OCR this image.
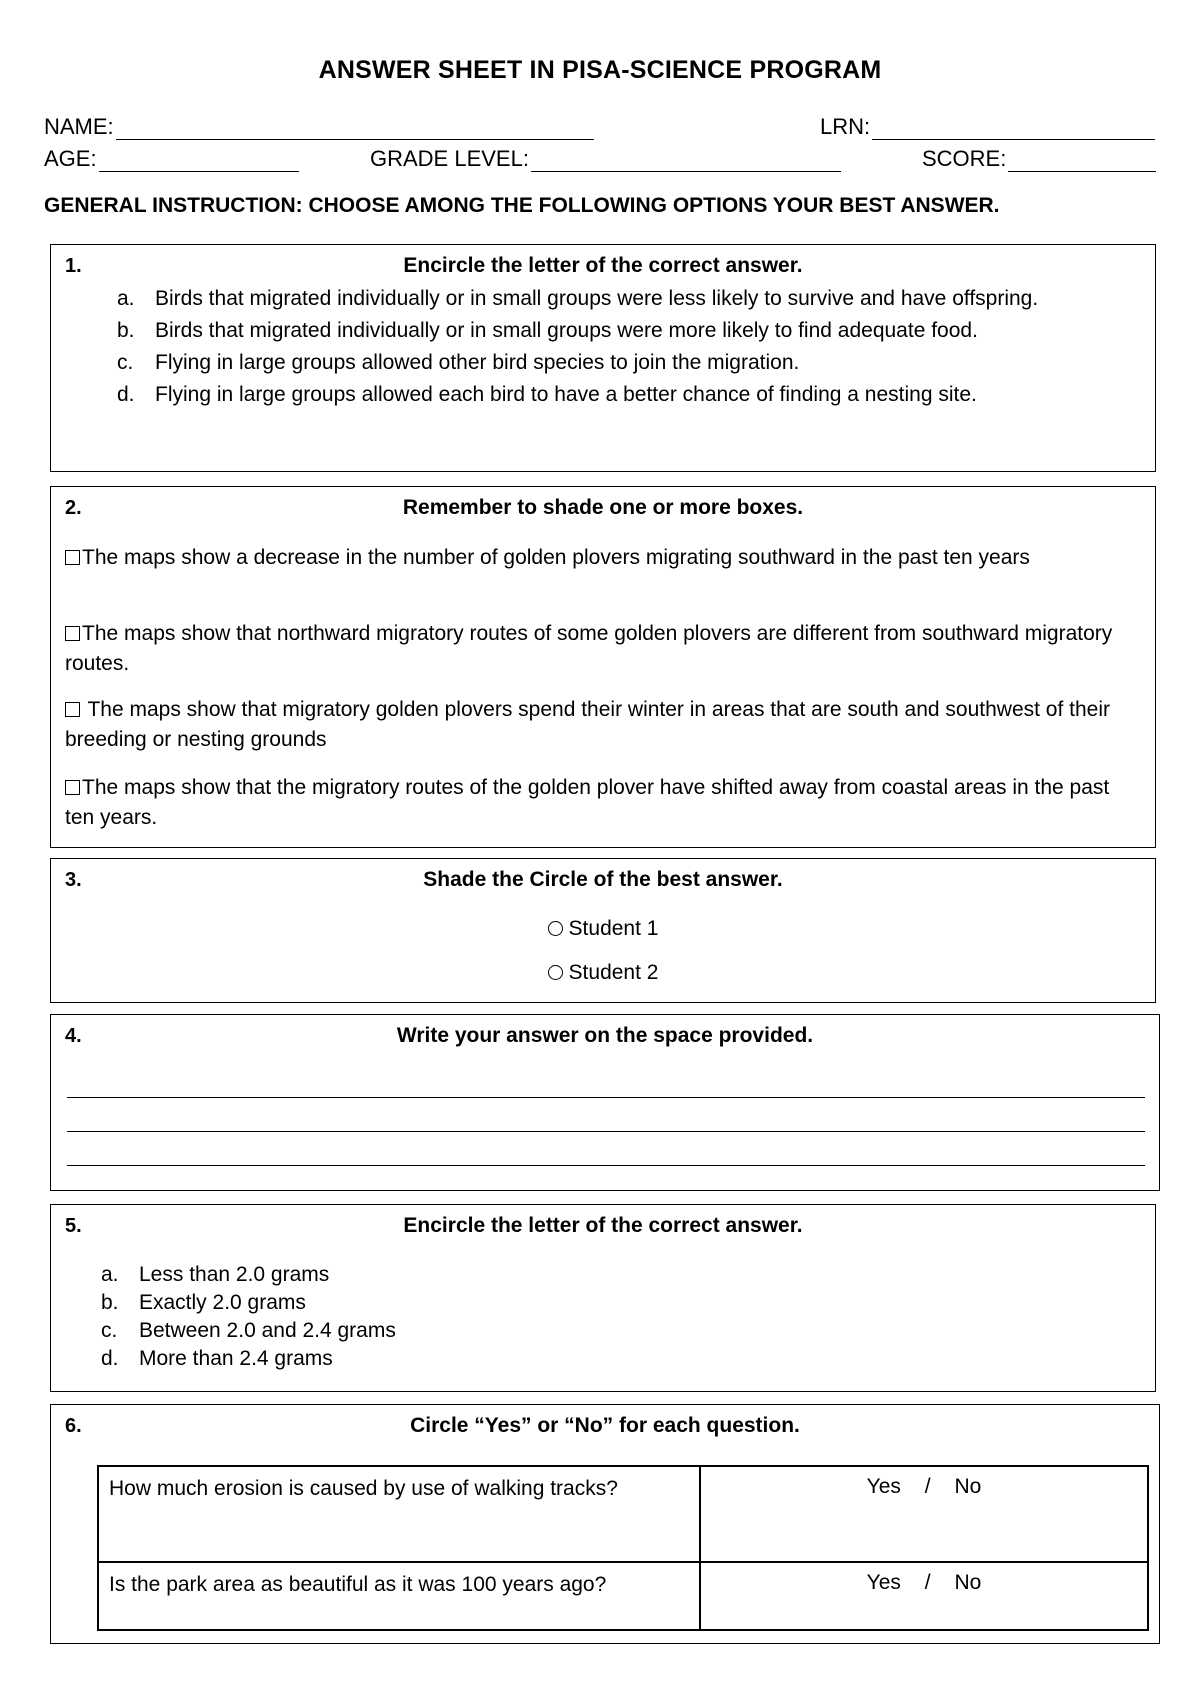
ANSWER SHEET IN PISA-SCIENCE PROGRAM
NAME:	LRN:
AGE:	GRADE LEVEL:	SCORE:
GENERAL INSTRUCTION: CHOOSE AMONG THE FOLLOWING OPTIONS YOUR BEST ANSWER.
1.	Encircle the letter of the correct answer.
a. Birds that migrated individually or in small groups were less likely to survive and have offspring.
b. Birds that migrated individually or in small groups were more likely to find adequate food.
c. Flying in large groups allowed other bird species to join the migration.
d. Flying in large groups allowed each bird to have a better chance of finding a nesting site.
2.	Remember to shade one or more boxes.
The maps show a decrease in the number of golden plovers migrating southward in the past ten years
The maps show that northward migratory routes of some golden plovers are different from southward migratory routes.
The maps show that migratory golden plovers spend their winter in areas that are south and southwest of their breeding or nesting grounds
The maps show that the migratory routes of the golden plover have shifted away from coastal areas in the past ten years.
3.	Shade the Circle of the best answer.
Student 1
Student 2
4.	Write your answer on the space provided.
5.	Encircle the letter of the correct answer.
a. Less than 2.0 grams
b. Exactly 2.0 grams
c. Between 2.0 and 2.4 grams
d. More than 2.4 grams
6.	Circle “Yes” or “No” for each question.
How much erosion is caused by use of walking tracks?	Yes / No
Is the park area as beautiful as it was 100 years ago?	Yes / No
